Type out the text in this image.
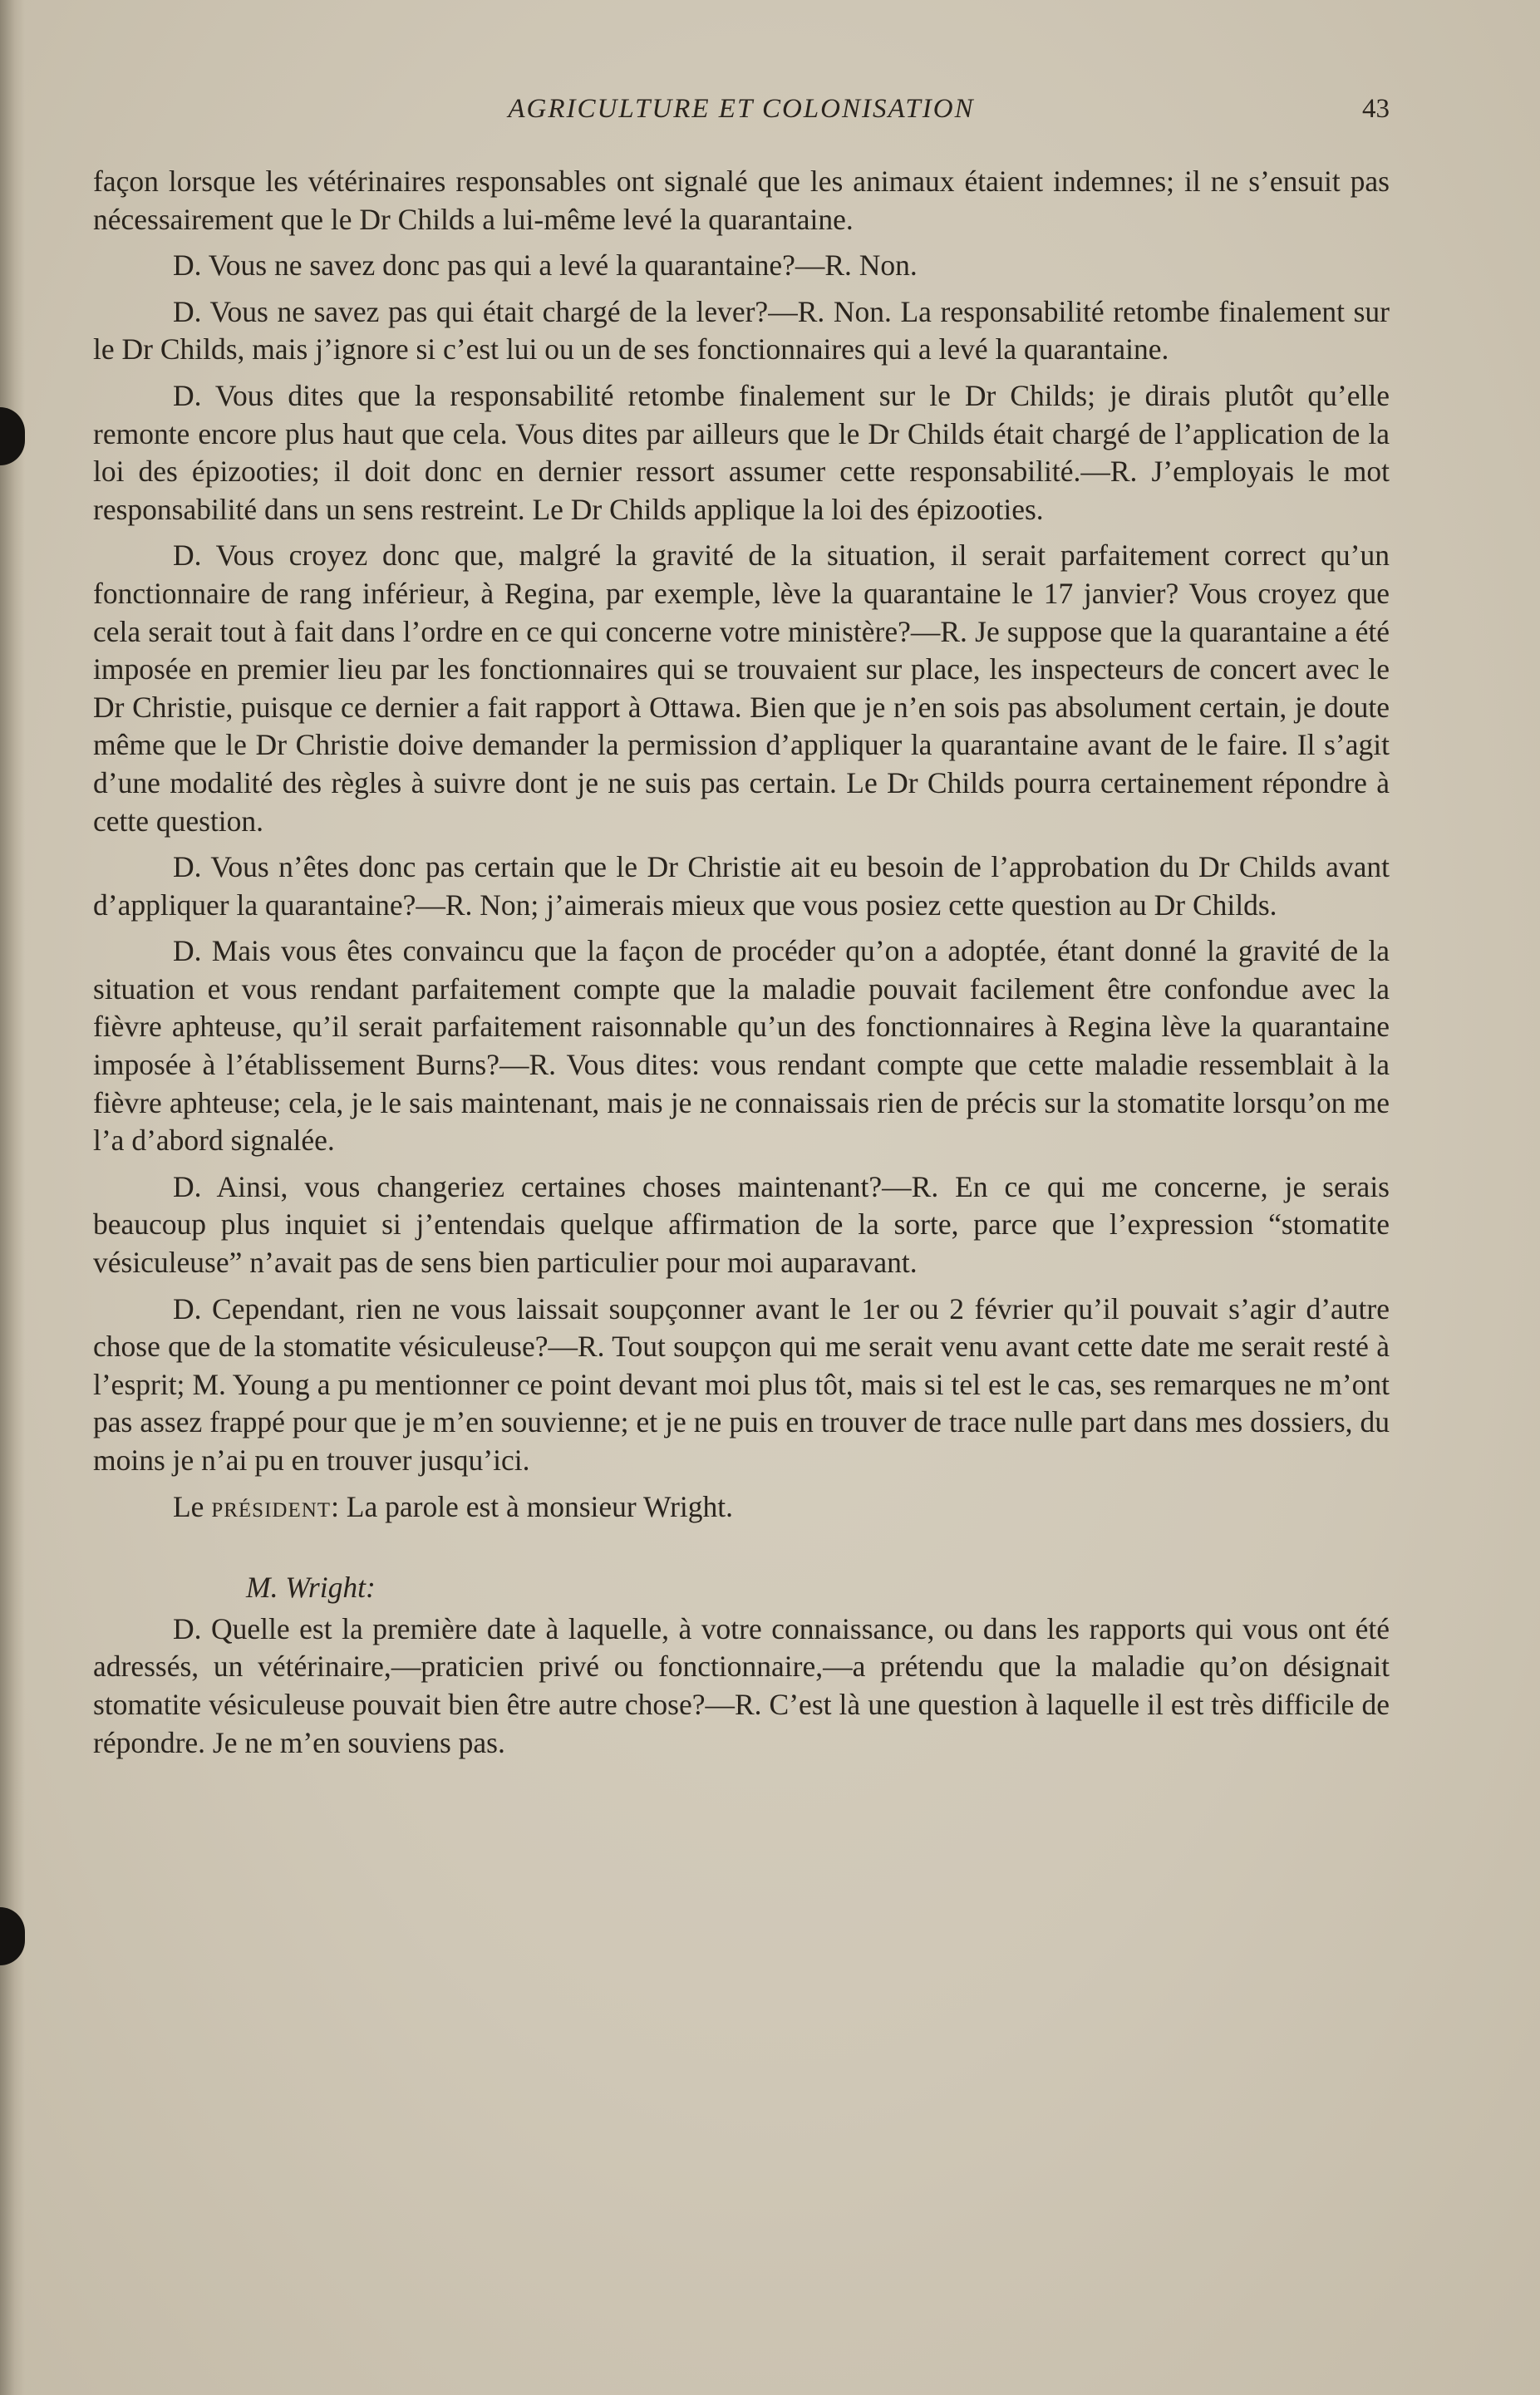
AGRICULTURE ET COLONISATION	43

façon lorsque les vétérinaires responsables ont signalé que les animaux étaient indemnes; il ne s’ensuit pas nécessairement que le Dr Childs a lui-même levé la quarantaine.

D. Vous ne savez donc pas qui a levé la quarantaine?—R. Non.

D. Vous ne savez pas qui était chargé de la lever?—R. Non. La responsabilité retombe finalement sur le Dr Childs, mais j’ignore si c’est lui ou un de ses fonctionnaires qui a levé la quarantaine.

D. Vous dites que la responsabilité retombe finalement sur le Dr Childs; je dirais plutôt qu’elle remonte encore plus haut que cela. Vous dites par ailleurs que le Dr Childs était chargé de l’application de la loi des épizooties; il doit donc en dernier ressort assumer cette responsabilité.—R. J’employais le mot responsabilité dans un sens restreint. Le Dr Childs applique la loi des épizooties.

D. Vous croyez donc que, malgré la gravité de la situation, il serait parfaitement correct qu’un fonctionnaire de rang inférieur, à Regina, par exemple, lève la quarantaine le 17 janvier? Vous croyez que cela serait tout à fait dans l’ordre en ce qui concerne votre ministère?—R. Je suppose que la quarantaine a été imposée en premier lieu par les fonctionnaires qui se trouvaient sur place, les inspecteurs de concert avec le Dr Christie, puisque ce dernier a fait rapport à Ottawa. Bien que je n’en sois pas absolument certain, je doute même que le Dr Christie doive demander la permission d’appliquer la quarantaine avant de le faire. Il s’agit d’une modalité des règles à suivre dont je ne suis pas certain. Le Dr Childs pourra certainement répondre à cette question.

D. Vous n’êtes donc pas certain que le Dr Christie ait eu besoin de l’approbation du Dr Childs avant d’appliquer la quarantaine?—R. Non; j’aimerais mieux que vous posiez cette question au Dr Childs.

D. Mais vous êtes convaincu que la façon de procéder qu’on a adoptée, étant donné la gravité de la situation et vous rendant parfaitement compte que la maladie pouvait facilement être confondue avec la fièvre aphteuse, qu’il serait parfaitement raisonnable qu’un des fonctionnaires à Regina lève la quarantaine imposée à l’établissement Burns?—R. Vous dites: vous rendant compte que cette maladie ressemblait à la fièvre aphteuse; cela, je le sais maintenant, mais je ne connaissais rien de précis sur la stomatite lorsqu’on me l’a d’abord signalée.

D. Ainsi, vous changeriez certaines choses maintenant?—R. En ce qui me concerne, je serais beaucoup plus inquiet si j’entendais quelque affirmation de la sorte, parce que l’expression “stomatite vésiculeuse” n’avait pas de sens bien particulier pour moi auparavant.

D. Cependant, rien ne vous laissait soupçonner avant le 1er ou 2 février qu’il pouvait s’agir d’autre chose que de la stomatite vésiculeuse?—R. Tout soupçon qui me serait venu avant cette date me serait resté à l’esprit; M. Young a pu mentionner ce point devant moi plus tôt, mais si tel est le cas, ses remarques ne m’ont pas assez frappé pour que je m’en souvienne; et je ne puis en trouver de trace nulle part dans mes dossiers, du moins je n’ai pu en trouver jusqu’ici.

Le président: La parole est à monsieur Wright.

M. Wright:

D. Quelle est la première date à laquelle, à votre connaissance, ou dans les rapports qui vous ont été adressés, un vétérinaire,—praticien privé ou fonctionnaire,—a prétendu que la maladie qu’on désignait stomatite vésiculeuse pouvait bien être autre chose?—R. C’est là une question à laquelle il est très difficile de répondre. Je ne m’en souviens pas.
